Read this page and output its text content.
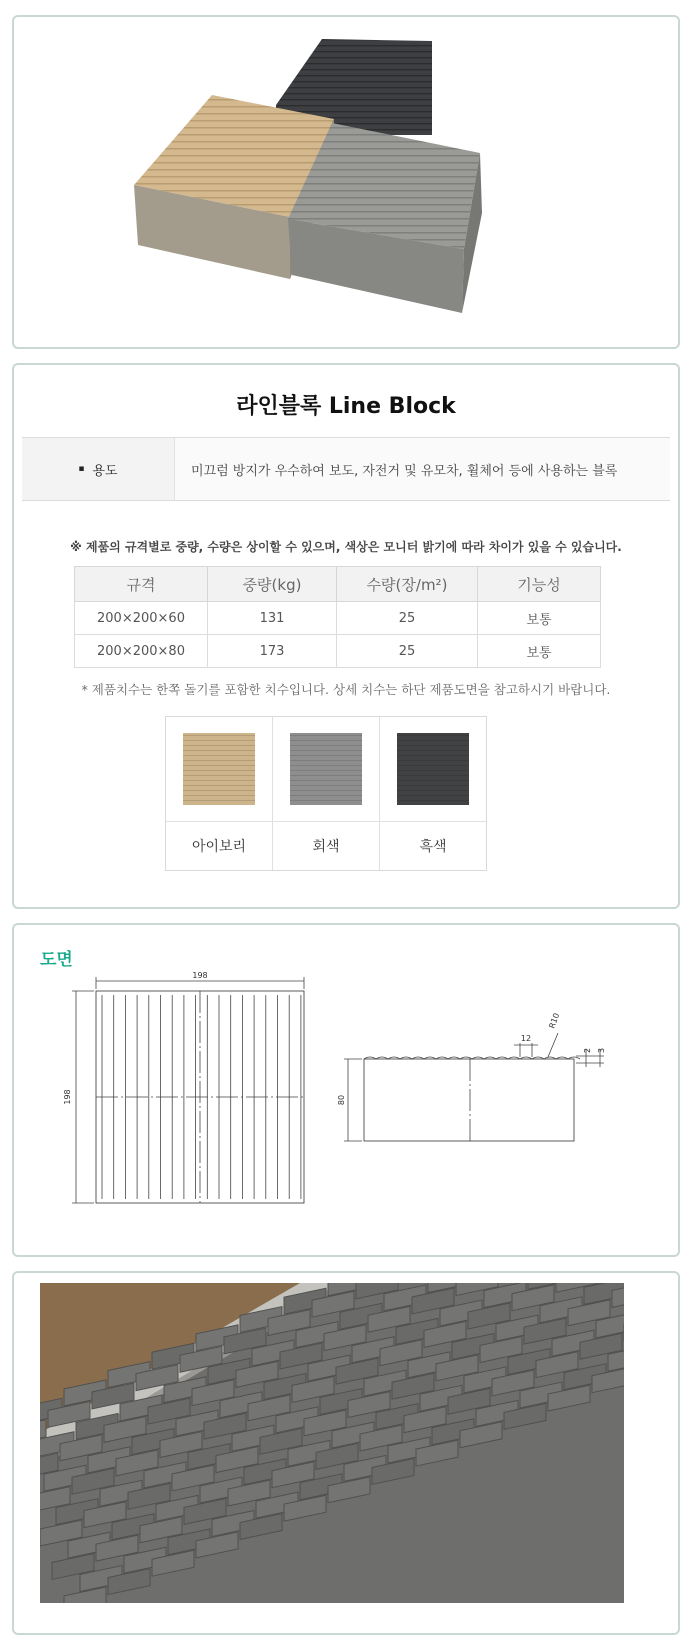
라인블록 Line Block
▪ 용도	미끄럼 방지가 우수하여 보도, 자전거 및 유모차, 휠체어 등에 사용하는 블록
※ 제품의 규격별로 중량, 수량은 상이할 수 있으며, 색상은 모니터 밝기에 따라 차이가 있을 수 있습니다.
규격	중량(kg)	수량(장/m²)	기능성
200×200×60	131	25	보통
200×200×80	173	25	보통
* 제품치수는 한쪽 돌기를 포함한 치수입니다. 상세 치수는 하단 제품도면을 참고하시기 바랍니다.
아이보리	회색	흑색
198
198	80
12
R10
2 3
도면
